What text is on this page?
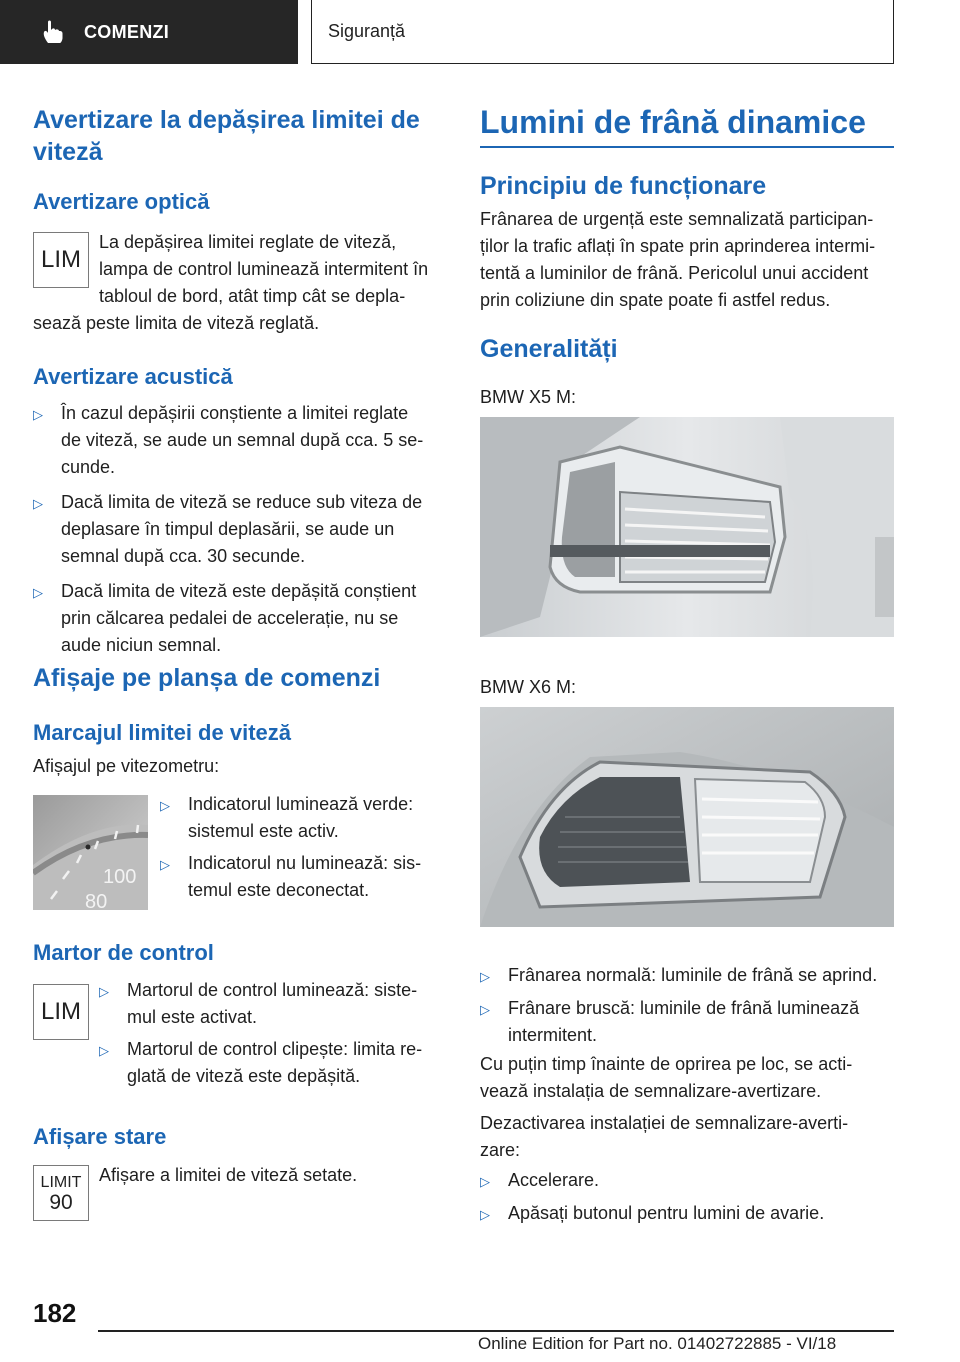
COMENZI	Siguranță
Avertizare la depășirea limitei de viteză
Avertizare optică
LIM
La depășirea limitei reglate de viteză,
lampa de control luminează intermitent în
tabloul de bord, atât timp cât se depla-
sează peste limita de viteză reglată.
Avertizare acustică
▷	În cazul depășirii conștiente a limitei reglate
de viteză, se aude un semnal după cca. 5 se-
cunde.
▷	Dacă limita de viteză se reduce sub viteza de
deplasare în timpul deplasării, se aude un
semnal după cca. 30 secunde.
▷	Dacă limita de viteză este depășită conștient
prin călcarea pedalei de accelerație, nu se
aude niciun semnal.
Afișaje pe planșa de comenzi
Marcajul limitei de viteză
Afișajul pe vitezometru:
100
80
▷	Indicatorul luminează verde:
sistemul este activ.
▷	Indicatorul nu luminează: sis-
temul este deconectat.
Martor de control
LIM
▷	Martorul de control luminează: siste-
mul este activat.
▷	Martorul de control clipește: limita re-
glată de viteză este depășită.
Afișare stare
LIMIT
90
Afișare a limitei de viteză setate.
Lumini de frână dinamice
Principiu de funcționare
Frânarea de urgență este semnalizată participan-
ților la trafic aflați în spate prin aprinderea intermi-
tentă a luminilor de frână. Pericolul unui accident
prin coliziune din spate poate fi astfel redus.
Generalități
BMW X5 M:
BMW X6 M:
▷	Frânarea normală: luminile de frână se aprind.
▷	Frânare bruscă: luminile de frână luminează
intermitent.
Cu puțin timp înainte de oprirea pe loc, se acti-
vează instalația de semnalizare-avertizare.
Dezactivarea instalației de semnalizare-averti-
zare:
▷	Accelerare.
▷	Apăsați butonul pentru lumini de avarie.
182
Online Edition for Part no. 01402722885 - VI/18
